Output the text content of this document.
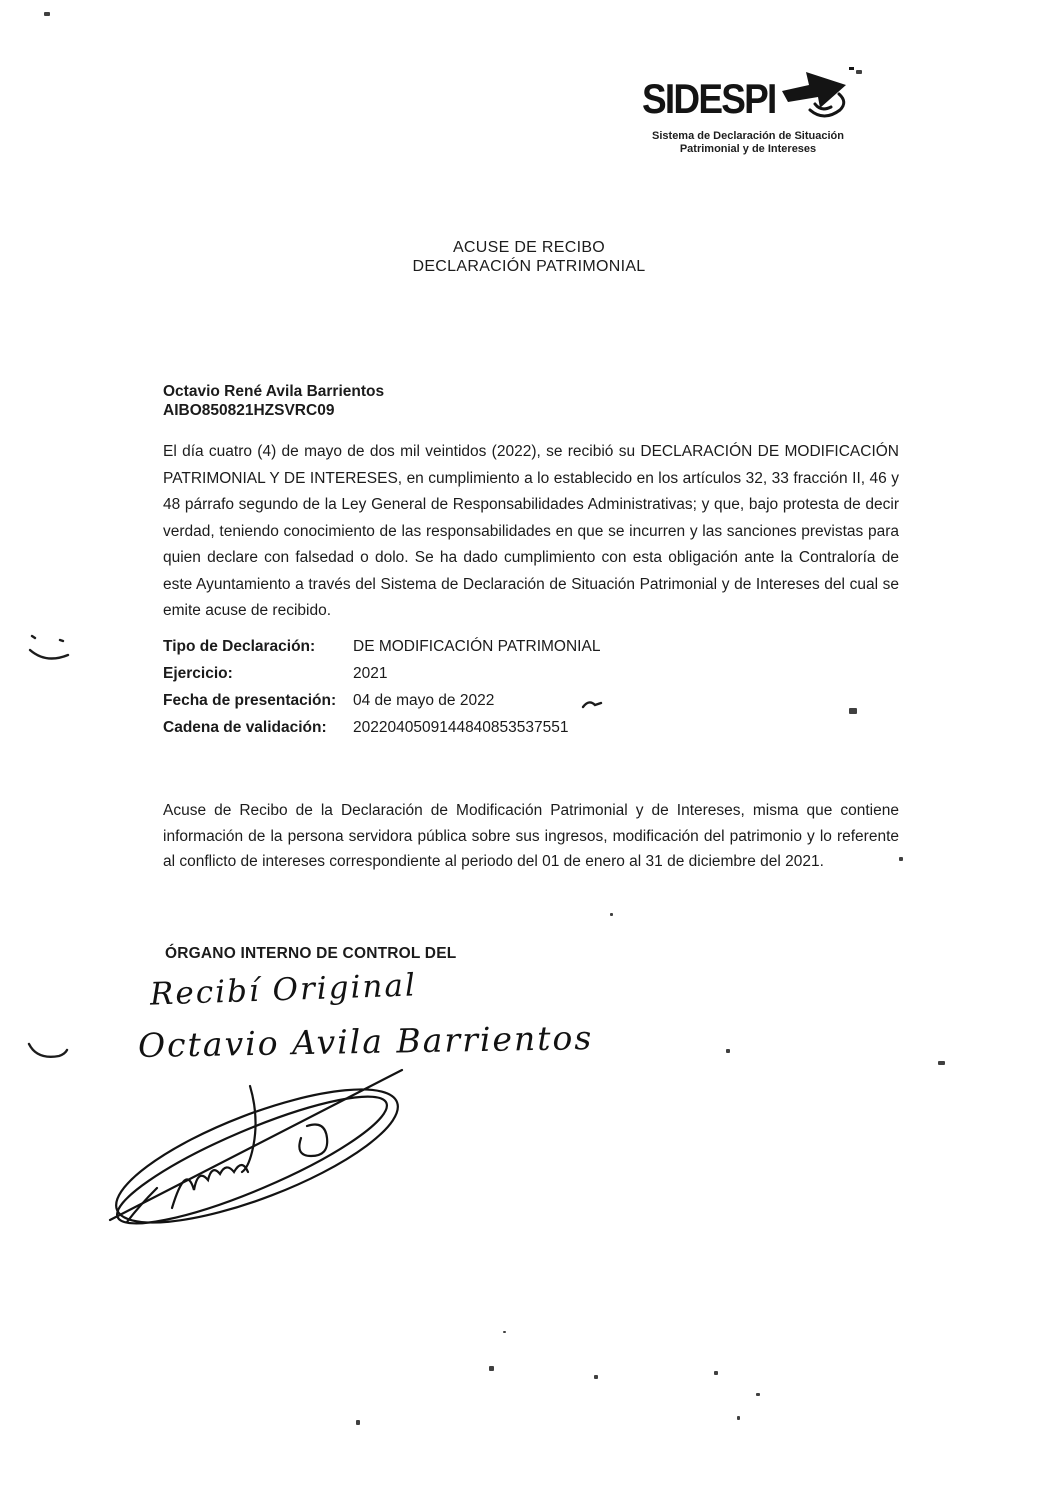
SIDESPI
Sistema de Declaración de Situación
Patrimonial y de Intereses
ACUSE DE RECIBO
DECLARACIÓN PATRIMONIAL
Octavio René Avila Barrientos
AIBO850821HZSVRC09

El día cuatro (4) de mayo de dos mil veintidos (2022), se recibió su DECLARACIÓN DE MODIFICACIÓN PATRIMONIAL Y DE INTERESES, en cumplimiento a lo establecido en los artículos 32, 33 fracción II, 46 y 48 párrafo segundo de la Ley General de Responsabilidades Administrativas; y que, bajo protesta de decir verdad, teniendo conocimiento de las responsabilidades en que se incurren y las sanciones previstas para quien declare con falsedad o dolo. Se ha dado cumplimiento con esta obligación ante la Contraloría de este Ayuntamiento a través del Sistema de Declaración de Situación Patrimonial y de Intereses del cual se emite acuse de recibido.

Tipo de Declaración:	DE MODIFICACIÓN PATRIMONIAL
Ejercicio:	2021
Fecha de presentación:	04 de mayo de 2022
Cadena de validación:	2022040509144840853537551

Acuse de Recibo de la Declaración de Modificación Patrimonial y de Intereses, misma que contiene información de la persona servidora pública sobre sus ingresos, modificación del patrimonio y lo referente al conflicto de intereses correspondiente al periodo del 01 de enero al 31 de diciembre del 2021.

ÓRGANO INTERNO DE CONTROL DEL
Recibí Original
Octavio Avila Barrientos
